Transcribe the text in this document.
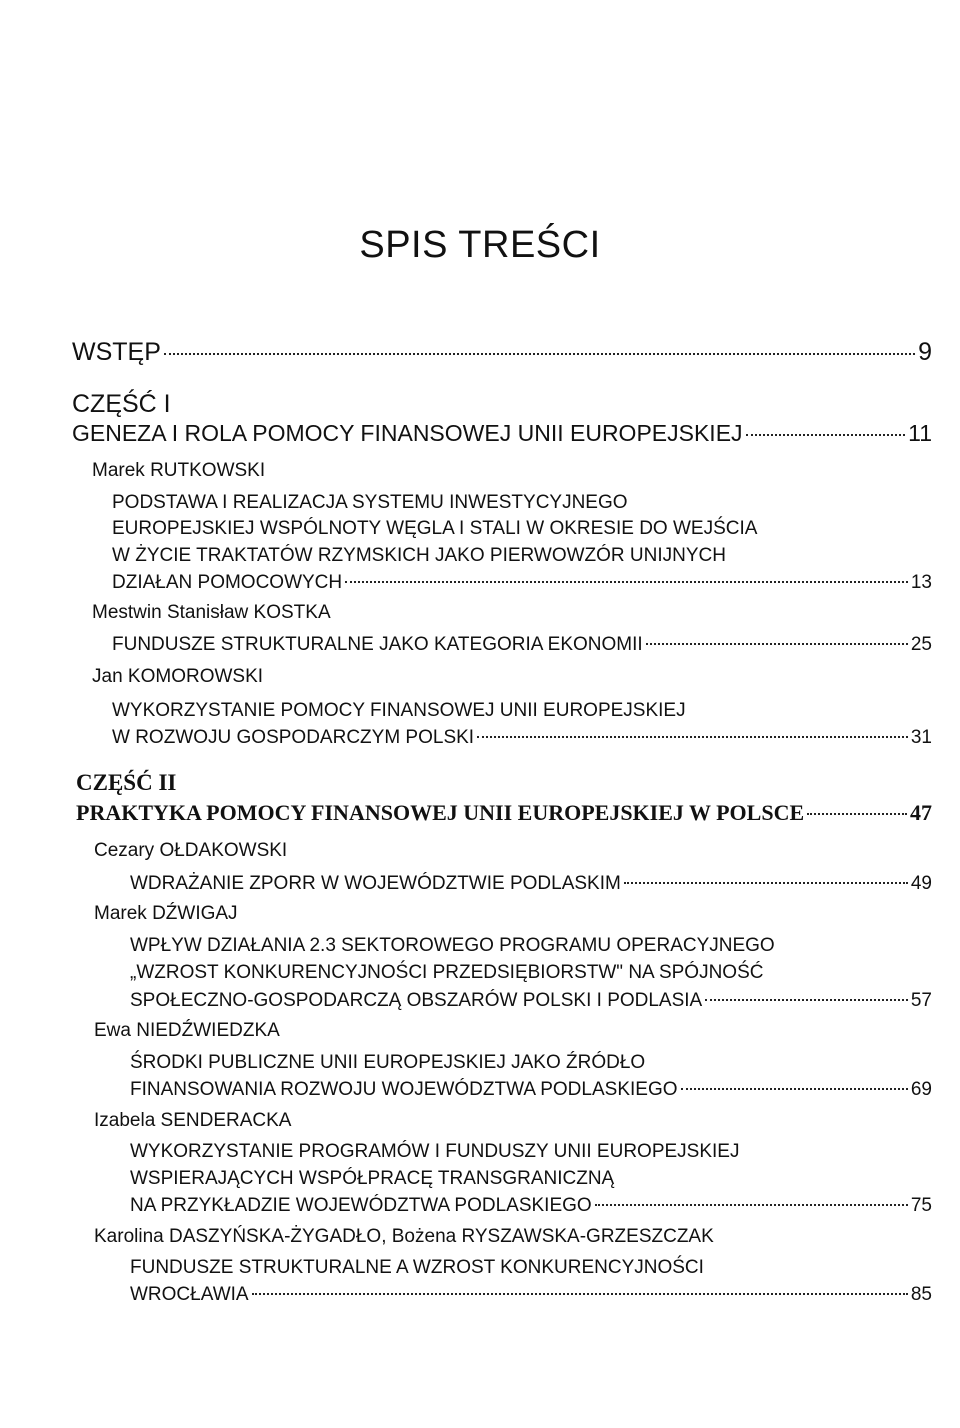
SPIS TREŚCI
WSTĘP	9
CZĘŚĆ I
GENEZA I ROLA POMOCY FINANSOWEJ UNII EUROPEJSKIEJ	11
Marek RUTKOWSKI
PODSTAWA I REALIZACJA SYSTEMU INWESTYCYJNEGO
EUROPEJSKIEJ WSPÓLNOTY WĘGLA I STALI W OKRESIE DO WEJŚCIA
W ŻYCIE TRAKTATÓW RZYMSKICH JAKO PIERWOWZÓR UNIJNYCH
DZIAŁAN POMOCOWYCH	13
Mestwin Stanisław KOSTKA
FUNDUSZE STRUKTURALNE JAKO KATEGORIA EKONOMII	25
Jan KOMOROWSKI
WYKORZYSTANIE POMOCY FINANSOWEJ UNII EUROPEJSKIEJ
W ROZWOJU GOSPODARCZYM POLSKI	31
CZĘŚĆ II
PRAKTYKA POMOCY FINANSOWEJ UNII EUROPEJSKIEJ W POLSCE	47
Cezary OŁDAKOWSKI
WDRAŻANIE ZPORR W WOJEWÓDZTWIE PODLASKIM	49
Marek DŹWIGAJ
WPŁYW DZIAŁANIA 2.3 SEKTOROWEGO PROGRAMU OPERACYJNEGO
„WZROST KONKURENCYJNOŚCI PRZEDSIĘBIORSTW" NA SPÓJNOŚĆ
SPOŁECZNO-GOSPODARCZĄ OBSZARÓW POLSKI I PODLASIA	57
Ewa NIEDŹWIEDZKA
ŚRODKI PUBLICZNE UNII EUROPEJSKIEJ JAKO ŹRÓDŁO
FINANSOWANIA ROZWOJU WOJEWÓDZTWA PODLASKIEGO	69
Izabela SENDERACKA
WYKORZYSTANIE PROGRAMÓW I FUNDUSZY UNII EUROPEJSKIEJ
WSPIERAJĄCYCH WSPÓŁPRACĘ TRANSGRANICZNĄ
NA PRZYKŁADZIE WOJEWÓDZTWA PODLASKIEGO	75
Karolina DASZYŃSKA-ŻYGADŁO, Bożena RYSZAWSKA-GRZESZCZAK
FUNDUSZE STRUKTURALNE A WZROST KONKURENCYJNOŚCI
WROCŁAWIA	85
